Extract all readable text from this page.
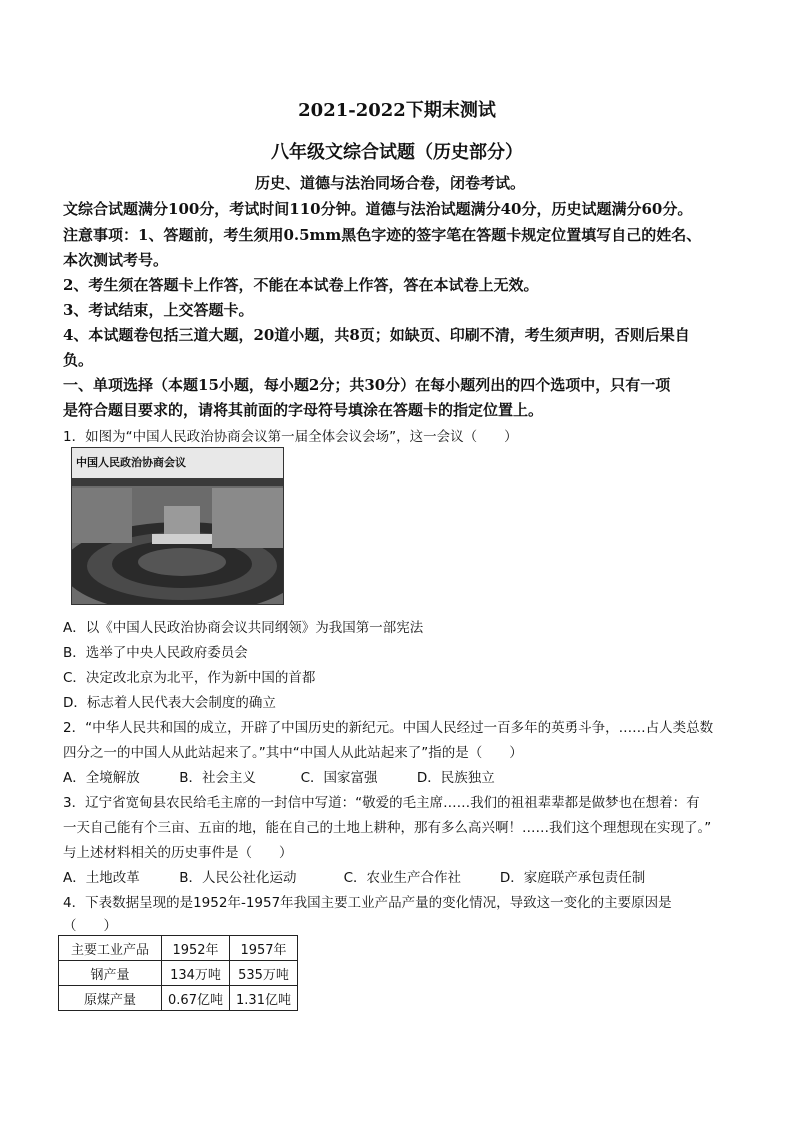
2021-2022下期末测试
八年级文综合试题（历史部分）
历史、道德与法治同场合卷，闭卷考试。
文综合试题满分100分，考试时间110分钟。道德与法治试题满分40分，历史试题满分60分。
注意事项：1、答题前，考生须用0.5mm黑色字迹的签字笔在答题卡规定位置填写自己的姓名、
本次测试考号。
2、考生须在答题卡上作答，不能在本试卷上作答，答在本试卷上无效。
3、考试结束，上交答题卡。
4、本试题卷包括三道大题，20道小题，共8页；如缺页、印刷不清，考生须声明，否则后果自
负。
一、单项选择（本题15小题，每小题2分；共30分）在每小题列出的四个选项中，只有一项
是符合题目要求的，请将其前面的字母符号填涂在答题卡的指定位置上。
1．如图为“中国人民政治协商会议第一届全体会议会场”，这一会议（　　）
中国人民政治协商会议
A．以《中国人民政治协商会议共同纲领》为我国第一部宪法
B．选举了中央人民政府委员会
C．决定改北京为北平，作为新中国的首都
D．标志着人民代表大会制度的确立
2．“中华人民共和国的成立，开辟了中国历史的新纪元。中国人民经过一百多年的英勇斗争，……占人类总数
四分之一的中国人从此站起来了。”其中“中国人从此站起来了”指的是（　　）
A．全境解放	B．社会主义	C．国家富强	D．民族独立
3．辽宁省宽甸县农民给毛主席的一封信中写道：“敬爱的毛主席……我们的祖祖辈辈都是做梦也在想着：有
一天自己能有个三亩、五亩的地，能在自己的土地上耕种，那有多么高兴啊！……我们这个理想现在实现了。”
与上述材料相关的历史事件是（　　）
A．土地改革	B．人民公社化运动	C．农业生产合作社	D．家庭联产承包责任制
4．下表数据呈现的是1952年-1957年我国主要工业产品产量的变化情况，导致这一变化的主要原因是
（　　）
主要工业产品	1952年	1957年
钢产量	134万吨	535万吨
原煤产量	0.67亿吨	1.31亿吨
